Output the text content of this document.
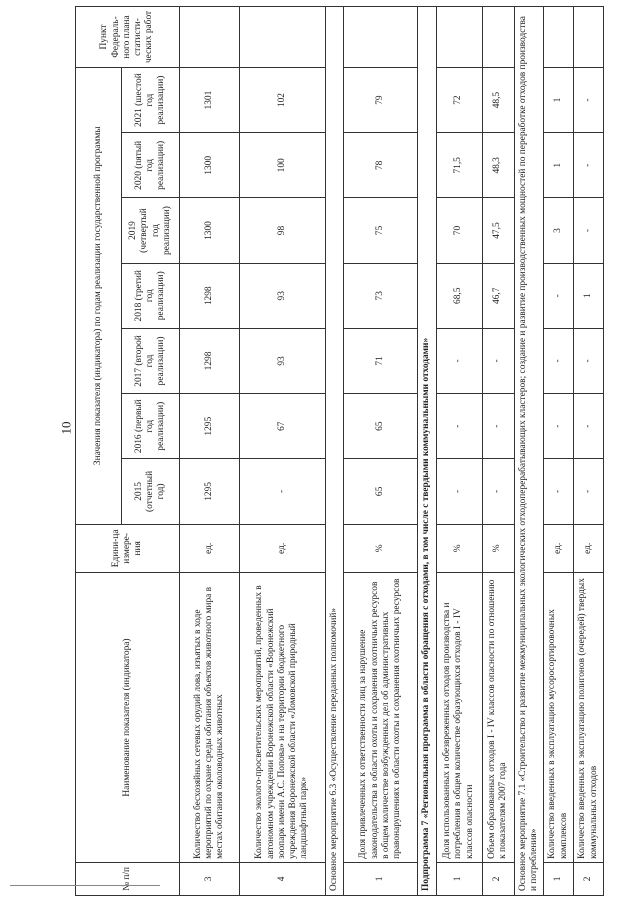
10
№ п/п	Наименование показателя (индикатора)	Едини-ца измере-ния	Значения показателя (индикатора) по годам реализации государственной программы							Пункт Федераль-ного плана статисти-ческих работ
			2015 (отчетный год)	2016 (первый год реализации)	2017 (второй год реализации)	2018 (третий год реализации)	2019 (четвертый год реализации)	2020 (пятый год реализации)	2021 (шестой год реализации)	
3	Количество бесхозяйных сетевых орудий лова, изъятых в ходе мероприятий по охране среды обитания объектов животного мира в местах обитания околоводных животных	ед.	1295	1295	1298	1298	1300	1300	1301	
4	Количество эколого-просветительских мероприятий, проведенных в автономном учреждении Воронежской области «Воронежский зоопарк имени А.С. Попова» и на территории бюджетного учреждения Воронежской области «Ломовской природный ландшафтный парк»	ед.	-	67	93	93	98	100	102	
Основное мероприятие 6.3 «Осуществление переданных полномочий»										
1	Доля привлеченных к ответственности лиц за нарушение законодательства в области охоты и сохранения охотничьих ресурсов в общем количестве возбужденных дел об административных правонарушениях в области охоты и сохранения охотничьих ресурсов	%	65	65	71	73	75	78	79	
Подпрограмма 7 «Региональная программа в области обращения с отходами, в том числе с твердыми коммунальными отходами»										
1	Доля использованных и обезвреженных отходов производства и потребления в общем количестве образующихся отходов I - IV классов опасности	%	-	-	-	68,5	70	71,5	72	
2	Объем образованных отходов I - IV классов опасности по отношению к показателям 2007 года	%	-	-	-	46,7	47,5	48,3	48,5	
Основное мероприятие 7.1 «Строительство и развитие межмуниципальных экологических отходоперерабатывающих кластеров; создание и развитие производственных мощностей по переработке отходов производства и потребления»										
1	Количество введенных в эксплуатацию мусоросортировочных комплексов	ед.	-	-	-	-	3	1	1	
2	Количество введенных в эксплуатацию полигонов (очередей) твердых коммунальных отходов	ед.	-	-	-	1	-	-	-	
